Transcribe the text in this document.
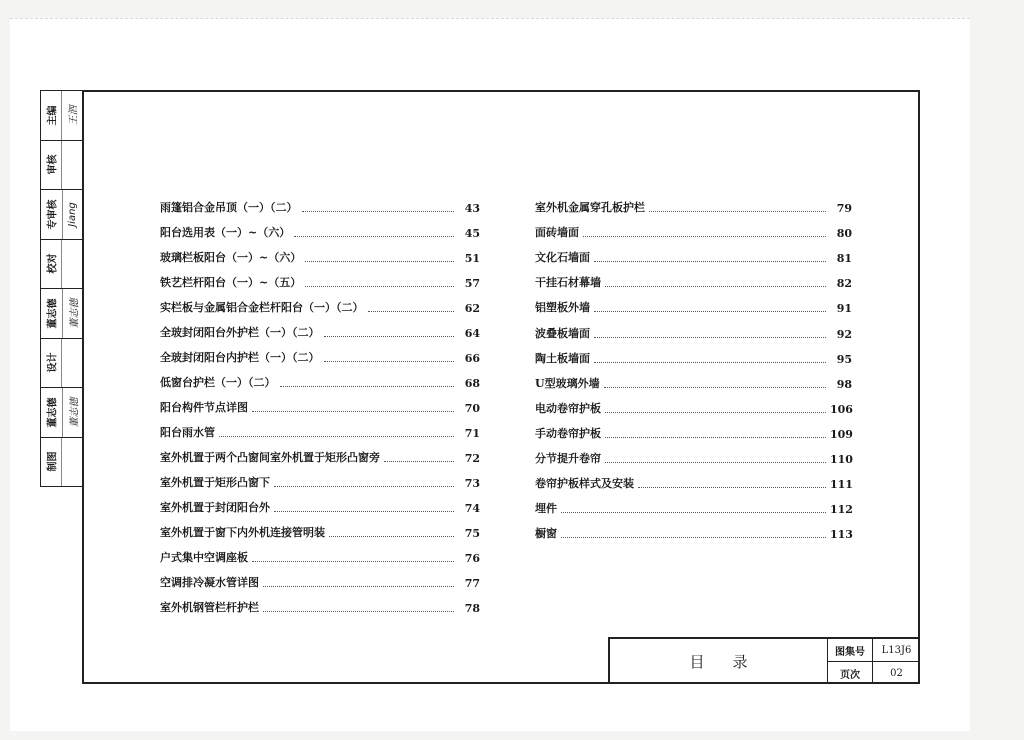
主编	王泗
审核
专审核 Jiang
校对
董志德	董志德
设计
董志德	董志德
制图
雨篷铝合金吊顶（一）（二）	43
阳台选用表（一）~（六）	45
玻璃栏板阳台（一）~（六）	51
铁艺栏杆阳台（一）~（五）	57
实栏板与金属铝合金栏杆阳台（一）（二）	62
全玻封闭阳台外护栏（一）（二）	64
全玻封闭阳台内护栏（一）（二）	66
低窗台护栏（一）（二）	68
阳台构件节点详图	70
阳台雨水管	71
室外机置于两个凸窗间室外机置于矩形凸窗旁	72
室外机置于矩形凸窗下	73
室外机置于封闭阳台外	74
室外机置于窗下内外机连接管明装	75
户式集中空调座板	76
空调排冷凝水管详图	77
室外机钢管栏杆护栏	78
室外机金属穿孔板护栏	79
面砖墙面	80
文化石墙面	81
干挂石材幕墙	82
铝塑板外墙	91
波叠板墙面	92
陶土板墙面	95
U型玻璃外墙	98
电动卷帘护板	106
手动卷帘护板	109
分节提升卷帘	110
卷帘护板样式及安装	111
埋件	112
橱窗	113
目录
图集号	L13J6
页次	02
